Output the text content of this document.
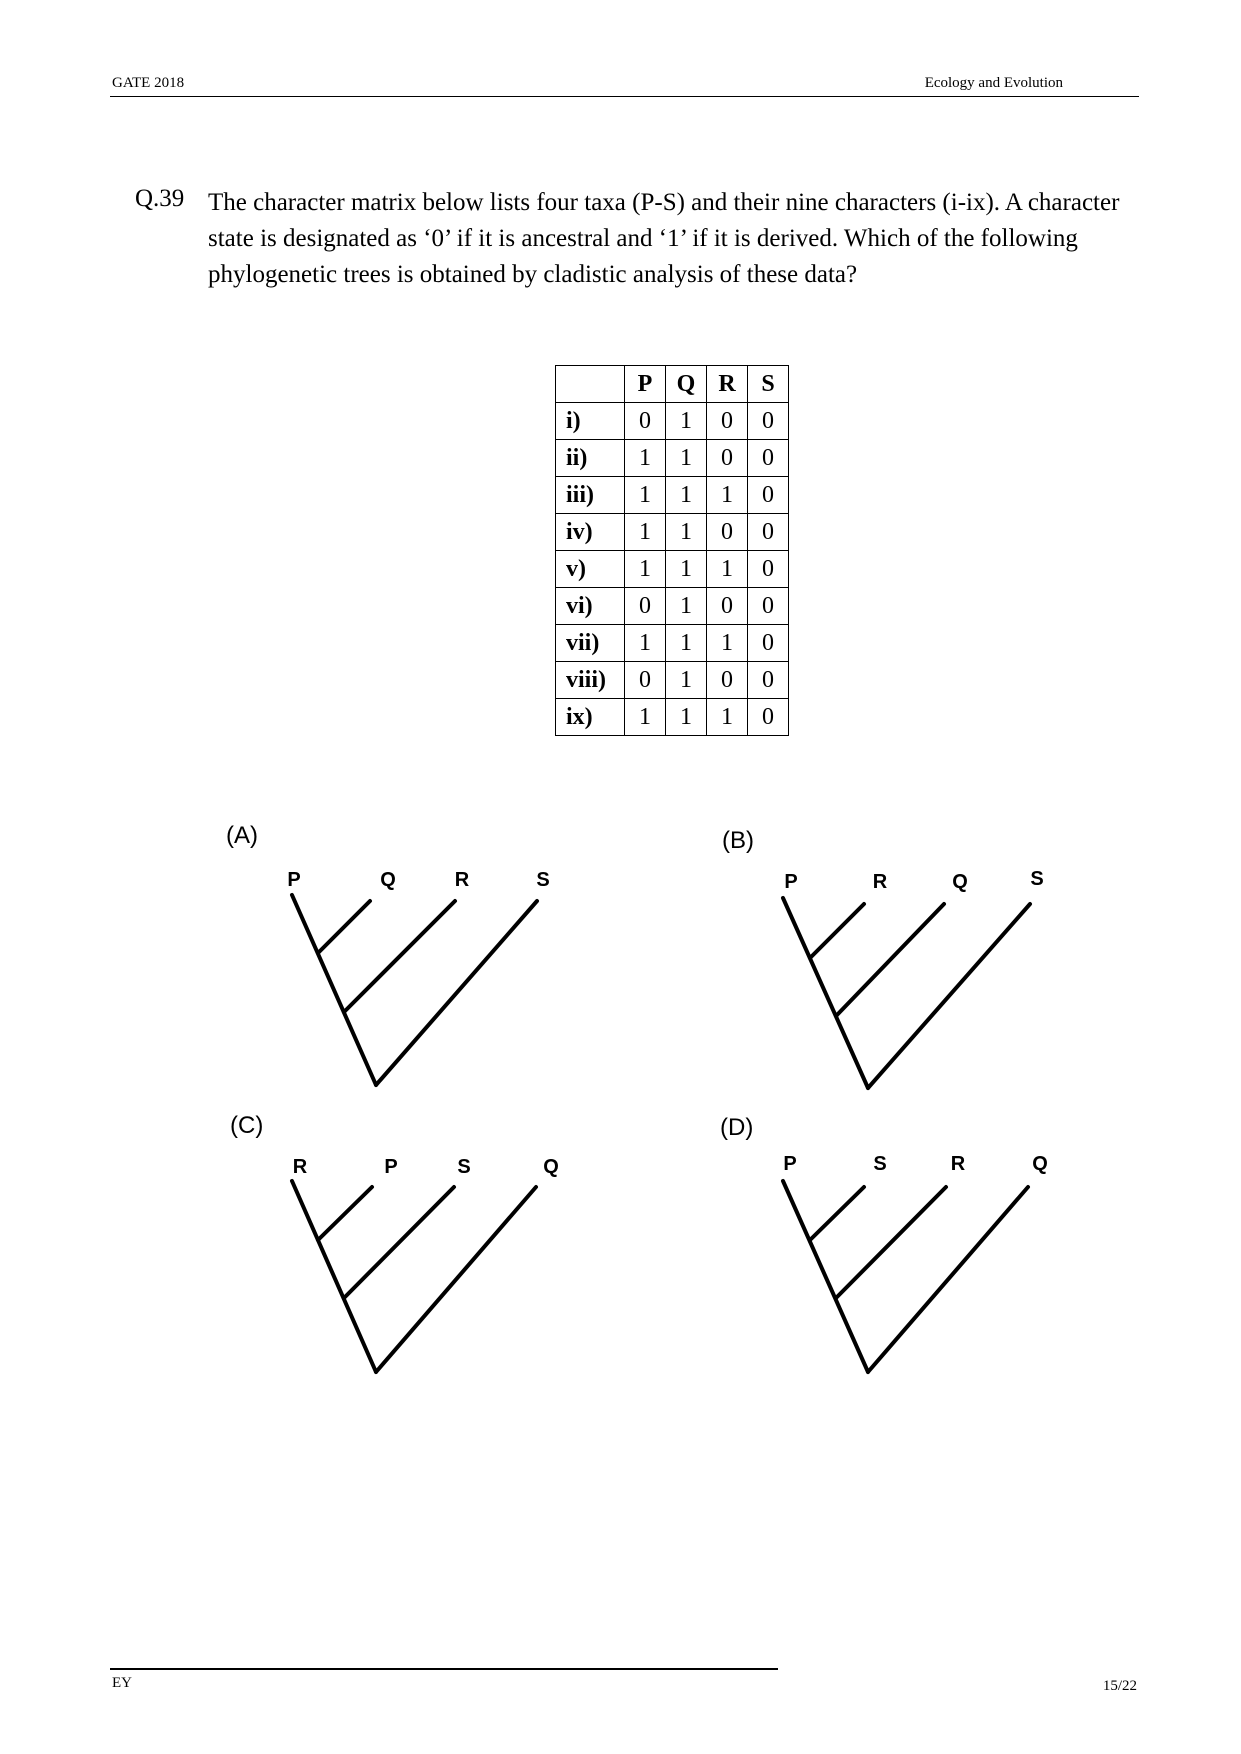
GATE 2018	Ecology and Evolution
Q.39 The character matrix below lists four taxa (P-S) and their nine characters (i-ix). A character state is designated as ‘0’ if it is ancestral and ‘1’ if it is derived. Which of the following phylogenetic trees is obtained by cladistic analysis of these data?
	P	Q	R	S
i)	0	1	0	0
ii)	1	1	0	0
iii)	1	1	1	0
iv)	1	1	0	0
v)	1	1	1	0
vi)	0	1	0	0
vii)	1	1	1	0
viii)	0	1	0	0
ix)	1	1	1	0
(A)
P	Q	R	S
(B)
P	R	Q	S
(C)
R	P	S	Q
(D)
P	S	R	Q
EY	15/22
